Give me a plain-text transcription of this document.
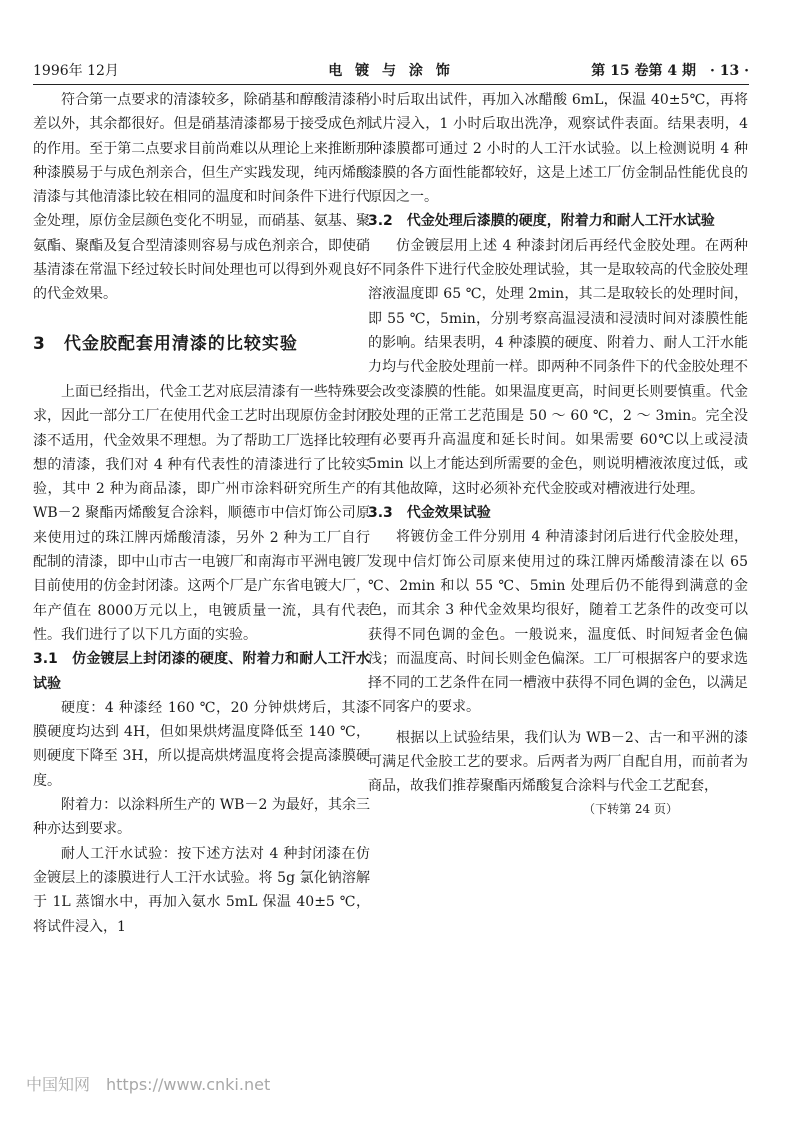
1996年 12月	电 镀 与 涂 饰	第 15 卷第 4 期　· 13 ·

符合第一点要求的清漆较多，除硝基和醇酸清漆稍差以外，其余都很好。但是硝基清漆都易于接受成色剂的作用。至于第二点要求目前尚难以从理论上来推断那种漆膜易于与成色剂亲合，但生产实践发现，纯丙烯酸清漆与其他清漆比较在相同的温度和时间条件下进行代金处理，原仿金层颜色变化不明显，而硝基、氨基、聚氨酯、聚酯及复合型清漆则容易与成色剂亲合，即使硝基清漆在常温下经过较长时间处理也可以得到外观良好的代金效果。

3　代金胶配套用清漆的比较实验

上面已经指出，代金工艺对底层清漆有一些特殊要求，因此一部分工厂在使用代金工艺时出现原仿金封闭漆不适用，代金效果不理想。为了帮助工厂选择比较理想的清漆，我们对 4 种有代表性的清漆进行了比较实验，其中 2 种为商品漆，即广州市涂料研究所生产的 WB－2 聚酯丙烯酸复合涂料，顺德市中信灯饰公司原来使用过的珠江牌丙烯酸清漆，另外 2 种为工厂自行配制的清漆，即中山市古一电镀厂和南海市平洲电镀厂目前使用的仿金封闭漆。这两个厂是广东省电镀大厂，年产值在 8000万元以上，电镀质量一流，具有代表性。我们进行了以下几方面的实验。

3.1　仿金镀层上封闭漆的硬度、附着力和耐人工汗水试验

硬度：4 种漆经 160 ℃，20 分钟烘烤后，其漆膜硬度均达到 4H，但如果烘烤温度降低至 140 ℃，则硬度下降至 3H，所以提高烘烤温度将会提高漆膜硬度。

附着力：以涂料所生产的 WB－2 为最好，其余三种亦达到要求。

耐人工汗水试验：按下述方法对 4 种封闭漆在仿金镀层上的漆膜进行人工汗水试验。将 5g 氯化钠溶解于 1L 蒸馏水中，再加入氨水 5mL 保温 40±5 ℃，将试件浸入，1

小时后取出试件，再加入冰醋酸 6mL，保温 40±5℃，再将试片浸入，1 小时后取出洗净，观察试件表面。结果表明，4 种漆膜都可通过 2 小时的人工汗水试验。以上检测说明 4 种漆膜的各方面性能都较好，这是上述工厂仿金制品性能优良的原因之一。

3.2　代金处理后漆膜的硬度，附着力和耐人工汗水试验

仿金镀层用上述 4 种漆封闭后再经代金胶处理。在两种不同条件下进行代金胶处理试验，其一是取较高的代金胶处理溶液温度即 65 ℃，处理 2min，其二是取较长的处理时间，即 55 ℃，5min，分别考察高温浸渍和浸渍时间对漆膜性能的影响。结果表明，4 种漆膜的硬度、附着力、耐人工汗水能力均与代金胶处理前一样。即两种不同条件下的代金胶处理不会改变漆膜的性能。如果温度更高，时间更长则要慎重。代金胶处理的正常工艺范围是 50 ～ 60 ℃，2 ～ 3min。完全没有必要再升高温度和延长时间。如果需要 60℃以上或浸渍 5min 以上才能达到所需要的金色，则说明槽液浓度过低，或有其他故障，这时必须补充代金胶或对槽液进行处理。

3.3　代金效果试验

将镀仿金工件分别用 4 种清漆封闭后进行代金胶处理，发现中信灯饰公司原来使用过的珠江牌丙烯酸清漆在以 65 ℃、2min 和以 55 ℃、5min 处理后仍不能得到满意的金色，而其余 3 种代金效果均很好，随着工艺条件的改变可以获得不同色调的金色。一般说来，温度低、时间短者金色偏浅；而温度高、时间长则金色偏深。工厂可根据客户的要求选择不同的工艺条件在同一槽液中获得不同色调的金色，以满足不同客户的要求。

根据以上试验结果，我们认为 WB－2、古一和平洲的漆可满足代金胶工艺的要求。后两者为两厂自配自用，而前者为商品，故我们推荐聚酯丙烯酸复合涂料与代金工艺配套，

（下转第 24 页）

中国知网　https://www.cnki.net
